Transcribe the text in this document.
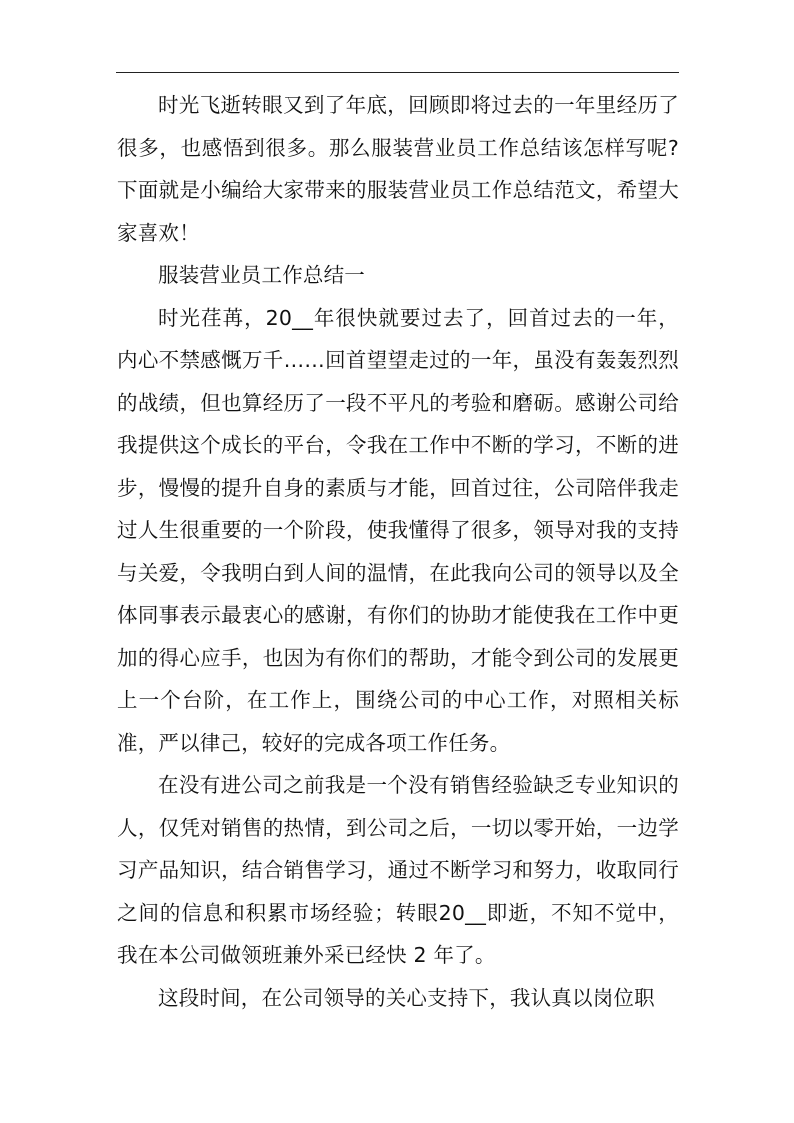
时光飞逝转眼又到了年底，回顾即将过去的一年里经历了很多，也感悟到很多。那么服装营业员工作总结该怎样写呢?下面就是小编给大家带来的服装营业员工作总结范文，希望大家喜欢！

服装营业员工作总结一

时光荏苒，20__年很快就要过去了，回首过去的一年，内心不禁感慨万千……回首望望走过的一年，虽没有轰轰烈烈的战绩，但也算经历了一段不平凡的考验和磨砺。感谢公司给我提供这个成长的平台，令我在工作中不断的学习，不断的进步，慢慢的提升自身的素质与才能，回首过往，公司陪伴我走过人生很重要的一个阶段，使我懂得了很多，领导对我的支持与关爱，令我明白到人间的温情，在此我向公司的领导以及全体同事表示最衷心的感谢，有你们的协助才能使我在工作中更加的得心应手，也因为有你们的帮助，才能令到公司的发展更上一个台阶，在工作上，围绕公司的中心工作，对照相关标准，严以律己，较好的完成各项工作任务。

在没有进公司之前我是一个没有销售经验缺乏专业知识的人，仅凭对销售的热情，到公司之后，一切以零开始，一边学习产品知识，结合销售学习，通过不断学习和努力，收取同行之间的信息和积累市场经验；转眼20__即逝，不知不觉中，我在本公司做领班兼外采已经快 2 年了。

这段时间，在公司领导的关心支持下，我认真以岗位职
